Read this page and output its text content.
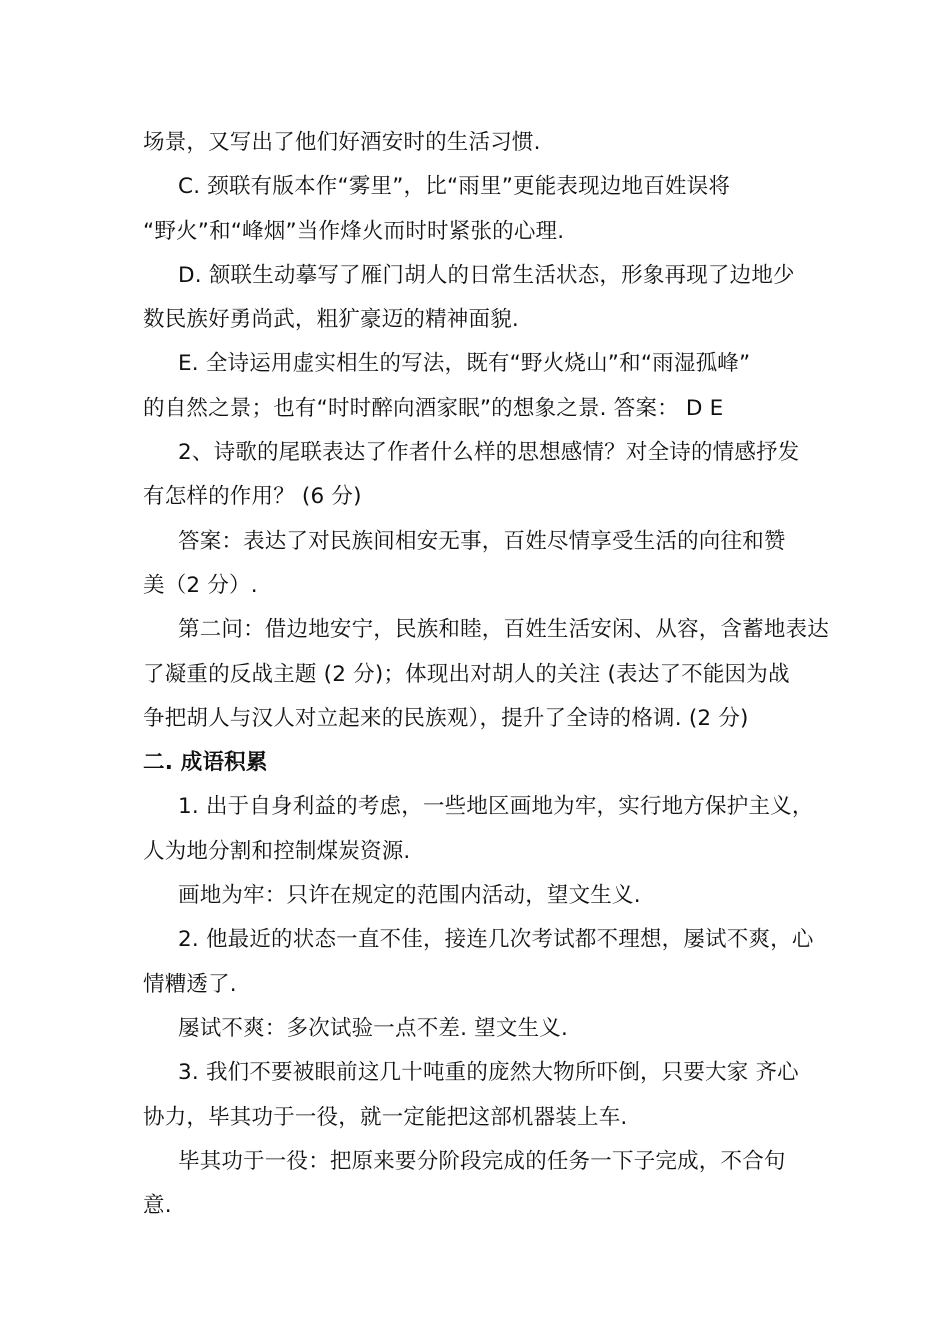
场景，又写出了他们好酒安时的生活习惯.
C. 颈联有版本作“雾里”，比“雨里”更能表现边地百姓误将
“野火”和“峰烟”当作烽火而时时紧张的心理.
D. 颔联生动摹写了雁门胡人的日常生活状态，形象再现了边地少
数民族好勇尚武，粗犷豪迈的精神面貌.
E. 全诗运用虚实相生的写法，既有“野火烧山”和“雨湿孤峰”
的自然之景；也有“时时醉向酒家眠”的想象之景. 答案： D E
2、诗歌的尾联表达了作者什么样的思想感情？对全诗的情感抒发
有怎样的作用？ (6 分)
答案：表达了对民族间相安无事，百姓尽情享受生活的向往和赞
美（2 分）.
第二问：借边地安宁，民族和睦，百姓生活安闲、从容，含蓄地表达
了凝重的反战主题 (2 分)；体现出对胡人的关注 (表达了不能因为战
争把胡人与汉人对立起来的民族观），提升了全诗的格调. (2 分)
二. 成语积累
1. 出于自身利益的考虑，一些地区画地为牢，实行地方保护主义，
人为地分割和控制煤炭资源.
画地为牢：只许在规定的范围内活动，望文生义.
2. 他最近的状态一直不佳，接连几次考试都不理想，屡试不爽，心
情糟透了.
屡试不爽：多次试验一点不差. 望文生义.
3. 我们不要被眼前这几十吨重的庞然大物所吓倒，只要大家 齐心
协力，毕其功于一役，就一定能把这部机器装上车.
毕其功于一役：把原来要分阶段完成的任务一下子完成，不合句
意.
